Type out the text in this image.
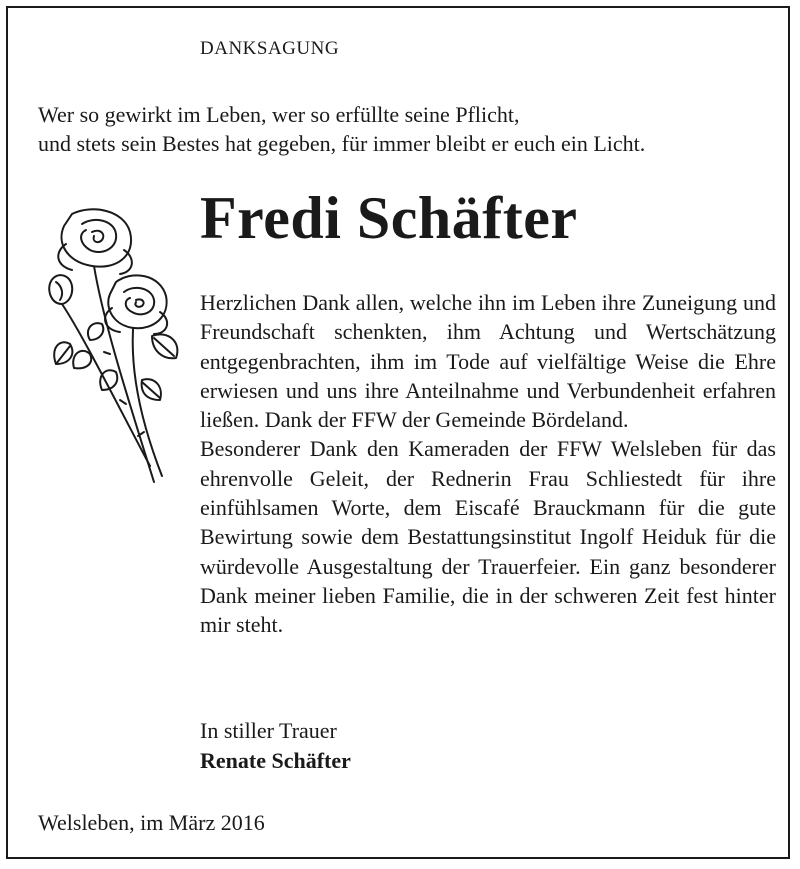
DANKSAGUNG
Wer so gewirkt im Leben, wer so erfüllte seine Pflicht,
und stets sein Bestes hat gegeben, für immer bleibt er euch ein Licht.
Fredi Schäfter

Herzlichen Dank allen, welche ihn im Leben ihre Zuneigung und Freundschaft schenkten, ihm Achtung und Wertschätzung entgegenbrachten, ihm im Tode auf vielfältige Weise die Ehre erwiesen und uns ihre Anteilnahme und Verbundenheit erfahren ließen. Dank der FFW der Gemeinde Bördeland.

Besonderer Dank den Kameraden der FFW Welsleben für das ehrenvolle Geleit, der Rednerin Frau Schliestedt für ihre einfühlsamen Worte, dem Eiscafé Brauckmann für die gute Bewirtung sowie dem Bestattungsinstitut Ingolf Heiduk für die würdevolle Ausgestaltung der Trauerfeier. Ein ganz besonderer Dank meiner lieben Familie, die in der schweren Zeit fest hinter mir steht.

In stiller Trauer
Renate Schäfter
Welsleben, im März 2016
